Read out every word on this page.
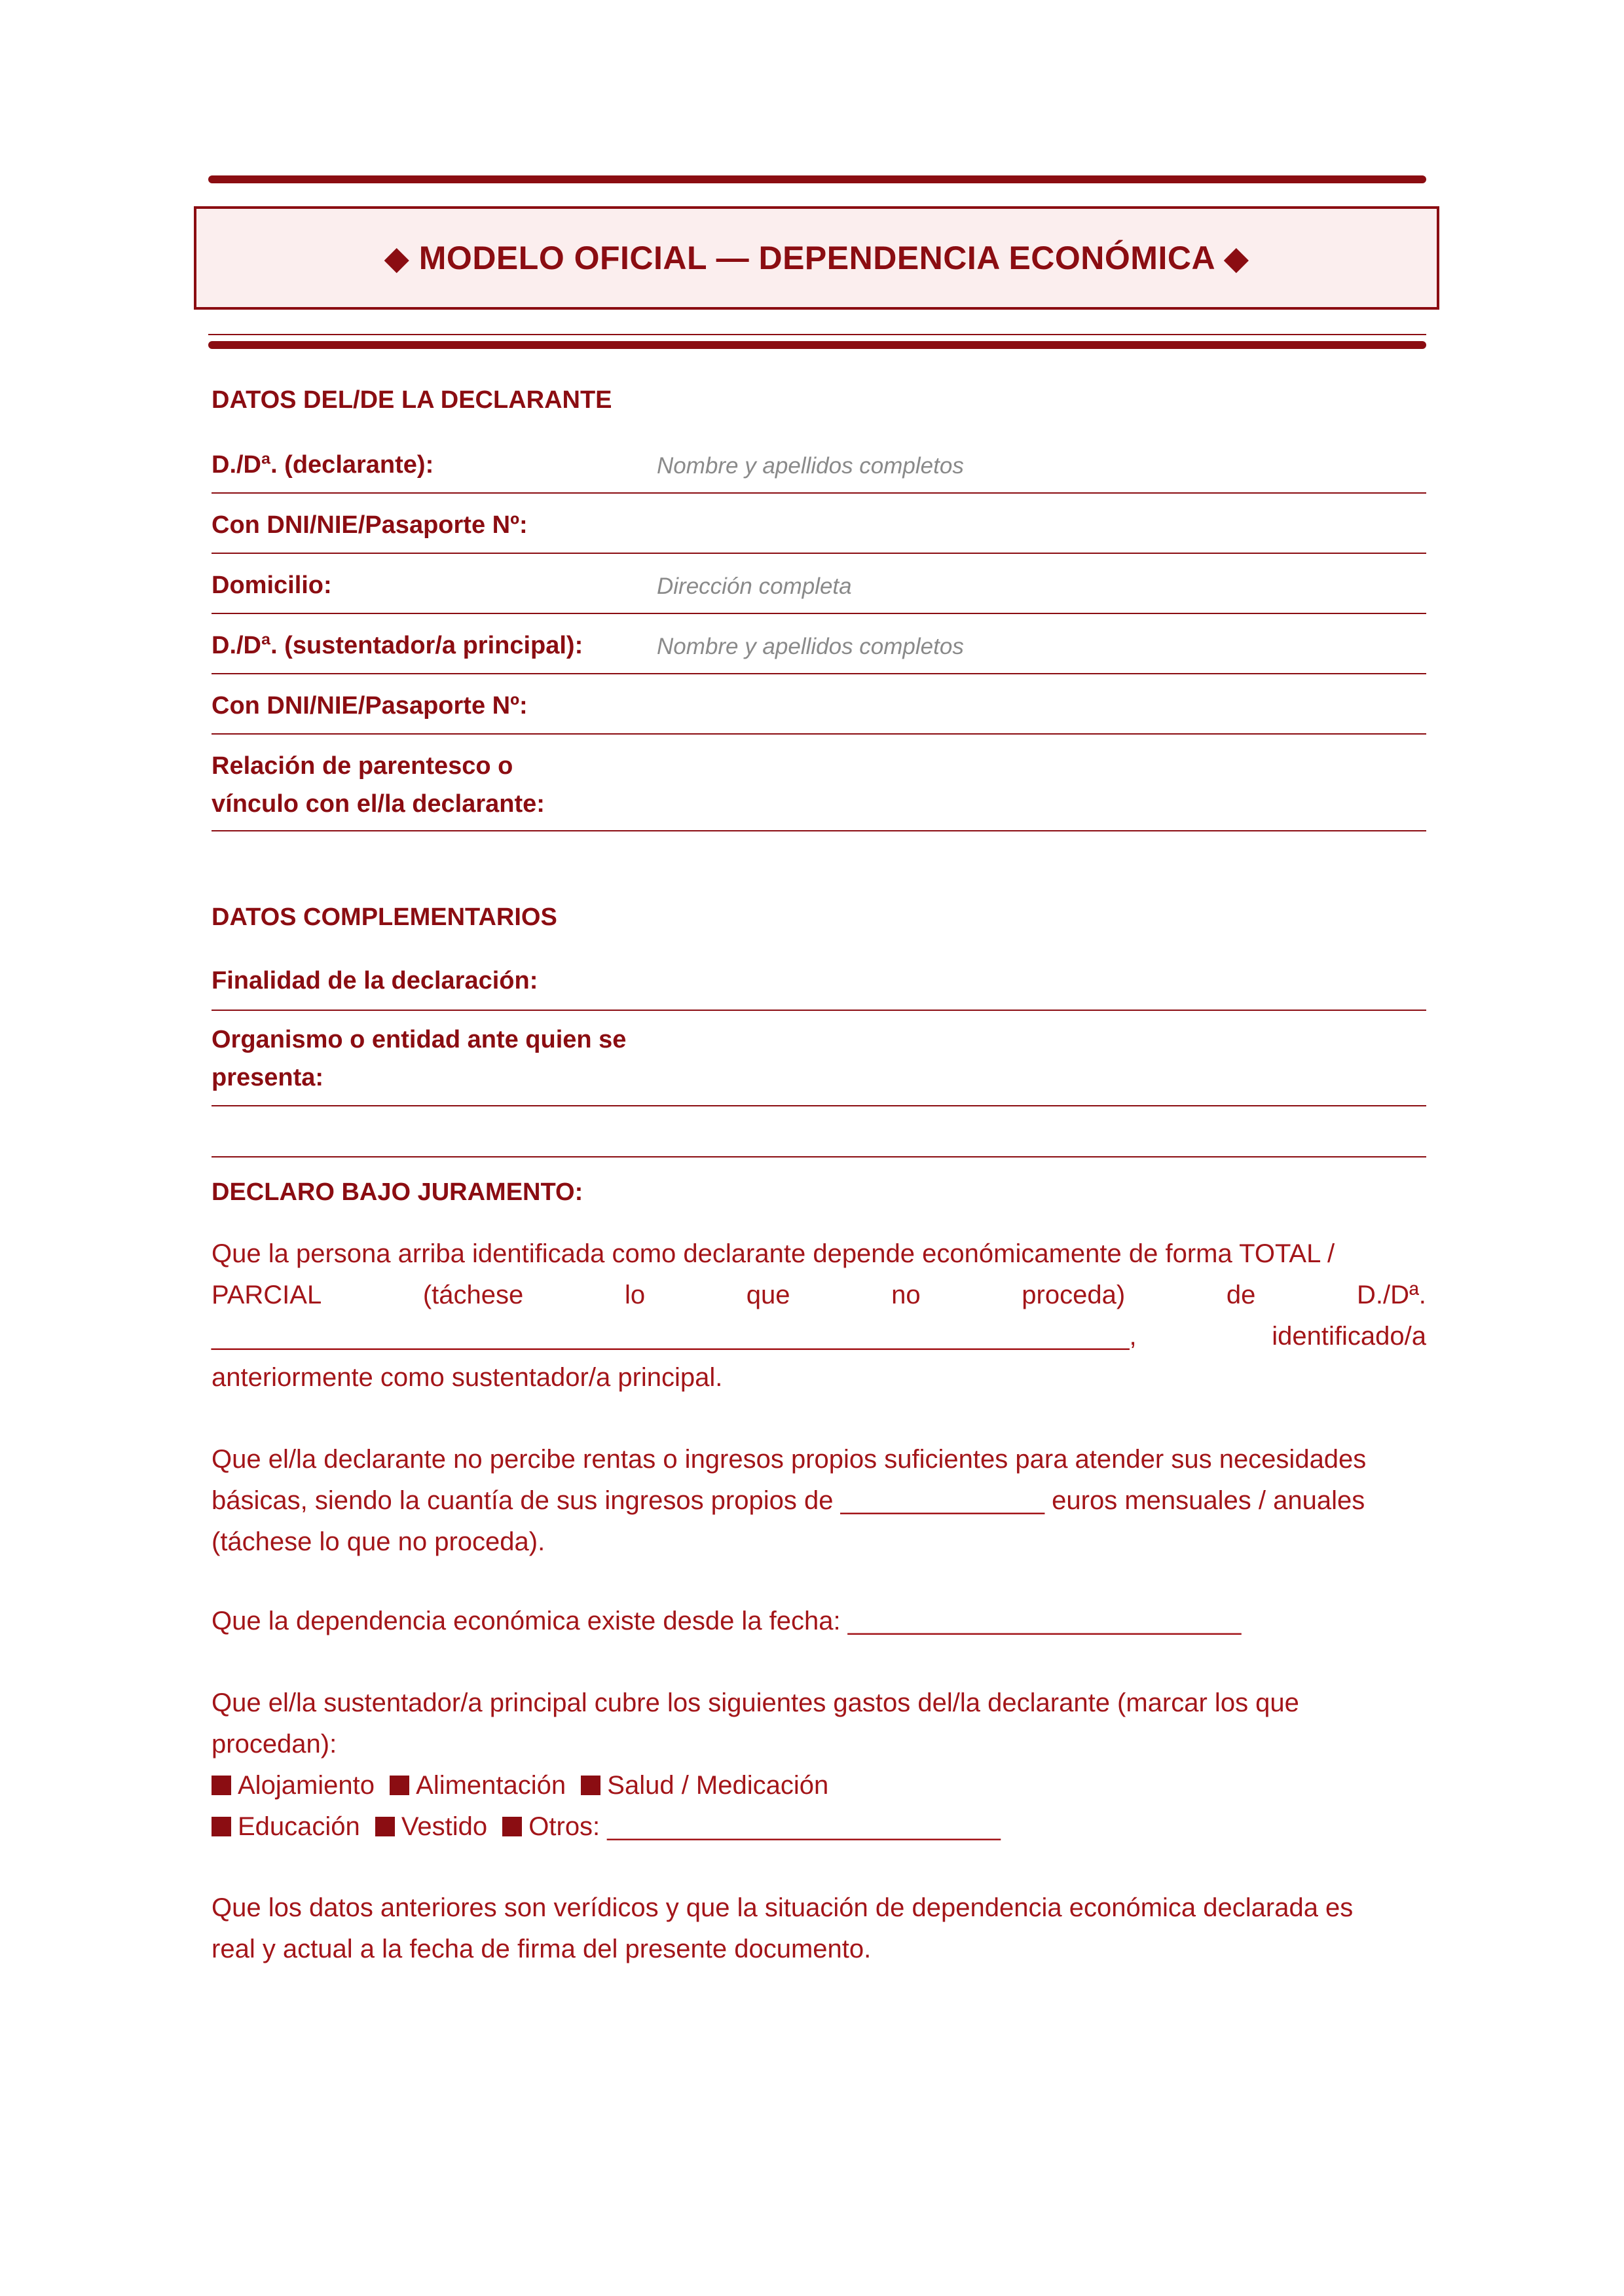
◆ MODELO OFICIAL — DEPENDENCIA ECONÓMICA ◆
DATOS DEL/DE LA DECLARANTE
D./Dª. (declarante):	Nombre y apellidos completos
Con DNI/NIE/Pasaporte Nº:
Domicilio:	Dirección completa
D./Dª. (sustentador/a principal):	Nombre y apellidos completos
Con DNI/NIE/Pasaporte Nº:
Relación de parentesco o
vínculo con el/la declarante:
DATOS COMPLEMENTARIOS
Finalidad de la declaración:
Organismo o entidad ante quien se
presenta:
DECLARO BAJO JURAMENTO:
Que la persona arriba identificada como declarante depende económicamente de forma TOTAL /
PARCIAL	(táchese	lo	que	no	proceda)	de	D./Dª.
_______________________________________________________________,	identificado/a
anteriormente como sustentador/a principal.
Que el/la declarante no percibe rentas o ingresos propios suficientes para atender sus necesidades
básicas, siendo la cuantía de sus ingresos propios de ______________ euros mensuales / anuales
(táchese lo que no proceda).
Que la dependencia económica existe desde la fecha: ___________________________
Que el/la sustentador/a principal cubre los siguientes gastos del/la declarante (marcar los que
procedan):
Alojamiento Alimentación Salud / Medicación
Educación Vestido Otros: ___________________________
Que los datos anteriores son verídicos y que la situación de dependencia económica declarada es
real y actual a la fecha de firma del presente documento.
